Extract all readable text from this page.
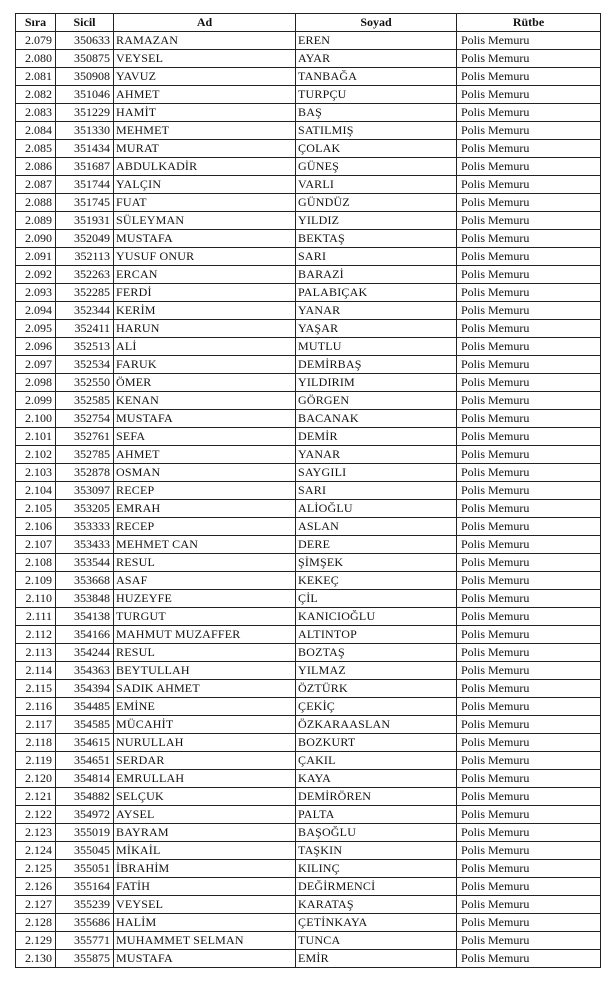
Sıra	Sicil	Ad	Soyad	Rütbe
2.079	350633	RAMAZAN	EREN	Polis Memuru
2.080	350875	VEYSEL	AYAR	Polis Memuru
2.081	350908	YAVUZ	TANBAĞA	Polis Memuru
2.082	351046	AHMET	TURPÇU	Polis Memuru
2.083	351229	HAMİT	BAŞ	Polis Memuru
2.084	351330	MEHMET	SATILMIŞ	Polis Memuru
2.085	351434	MURAT	ÇOLAK	Polis Memuru
2.086	351687	ABDULKADİR	GÜNEŞ	Polis Memuru
2.087	351744	YALÇIN	VARLI	Polis Memuru
2.088	351745	FUAT	GÜNDÜZ	Polis Memuru
2.089	351931	SÜLEYMAN	YILDIZ	Polis Memuru
2.090	352049	MUSTAFA	BEKTAŞ	Polis Memuru
2.091	352113	YUSUF ONUR	SARI	Polis Memuru
2.092	352263	ERCAN	BARAZİ	Polis Memuru
2.093	352285	FERDİ	PALABIÇAK	Polis Memuru
2.094	352344	KERİM	YANAR	Polis Memuru
2.095	352411	HARUN	YAŞAR	Polis Memuru
2.096	352513	ALİ	MUTLU	Polis Memuru
2.097	352534	FARUK	DEMİRBAŞ	Polis Memuru
2.098	352550	ÖMER	YILDIRIM	Polis Memuru
2.099	352585	KENAN	GÖRGEN	Polis Memuru
2.100	352754	MUSTAFA	BACANAK	Polis Memuru
2.101	352761	SEFA	DEMİR	Polis Memuru
2.102	352785	AHMET	YANAR	Polis Memuru
2.103	352878	OSMAN	SAYGILI	Polis Memuru
2.104	353097	RECEP	SARI	Polis Memuru
2.105	353205	EMRAH	ALİOĞLU	Polis Memuru
2.106	353333	RECEP	ASLAN	Polis Memuru
2.107	353433	MEHMET CAN	DERE	Polis Memuru
2.108	353544	RESUL	ŞİMŞEK	Polis Memuru
2.109	353668	ASAF	KEKEÇ	Polis Memuru
2.110	353848	HUZEYFE	ÇİL	Polis Memuru
2.111	354138	TURGUT	KANICIOĞLU	Polis Memuru
2.112	354166	MAHMUT MUZAFFER	ALTINTOP	Polis Memuru
2.113	354244	RESUL	BOZTAŞ	Polis Memuru
2.114	354363	BEYTULLAH	YILMAZ	Polis Memuru
2.115	354394	SADIK AHMET	ÖZTÜRK	Polis Memuru
2.116	354485	EMİNE	ÇEKİÇ	Polis Memuru
2.117	354585	MÜCAHİT	ÖZKARAASLAN	Polis Memuru
2.118	354615	NURULLAH	BOZKURT	Polis Memuru
2.119	354651	SERDAR	ÇAKIL	Polis Memuru
2.120	354814	EMRULLAH	KAYA	Polis Memuru
2.121	354882	SELÇUK	DEMİRÖREN	Polis Memuru
2.122	354972	AYSEL	PALTA	Polis Memuru
2.123	355019	BAYRAM	BAŞOĞLU	Polis Memuru
2.124	355045	MİKAİL	TAŞKIN	Polis Memuru
2.125	355051	İBRAHİM	KILINÇ	Polis Memuru
2.126	355164	FATİH	DEĞİRMENCİ	Polis Memuru
2.127	355239	VEYSEL	KARATAŞ	Polis Memuru
2.128	355686	HALİM	ÇETİNKAYA	Polis Memuru
2.129	355771	MUHAMMET SELMAN	TUNCA	Polis Memuru
2.130	355875	MUSTAFA	EMİR	Polis Memuru
